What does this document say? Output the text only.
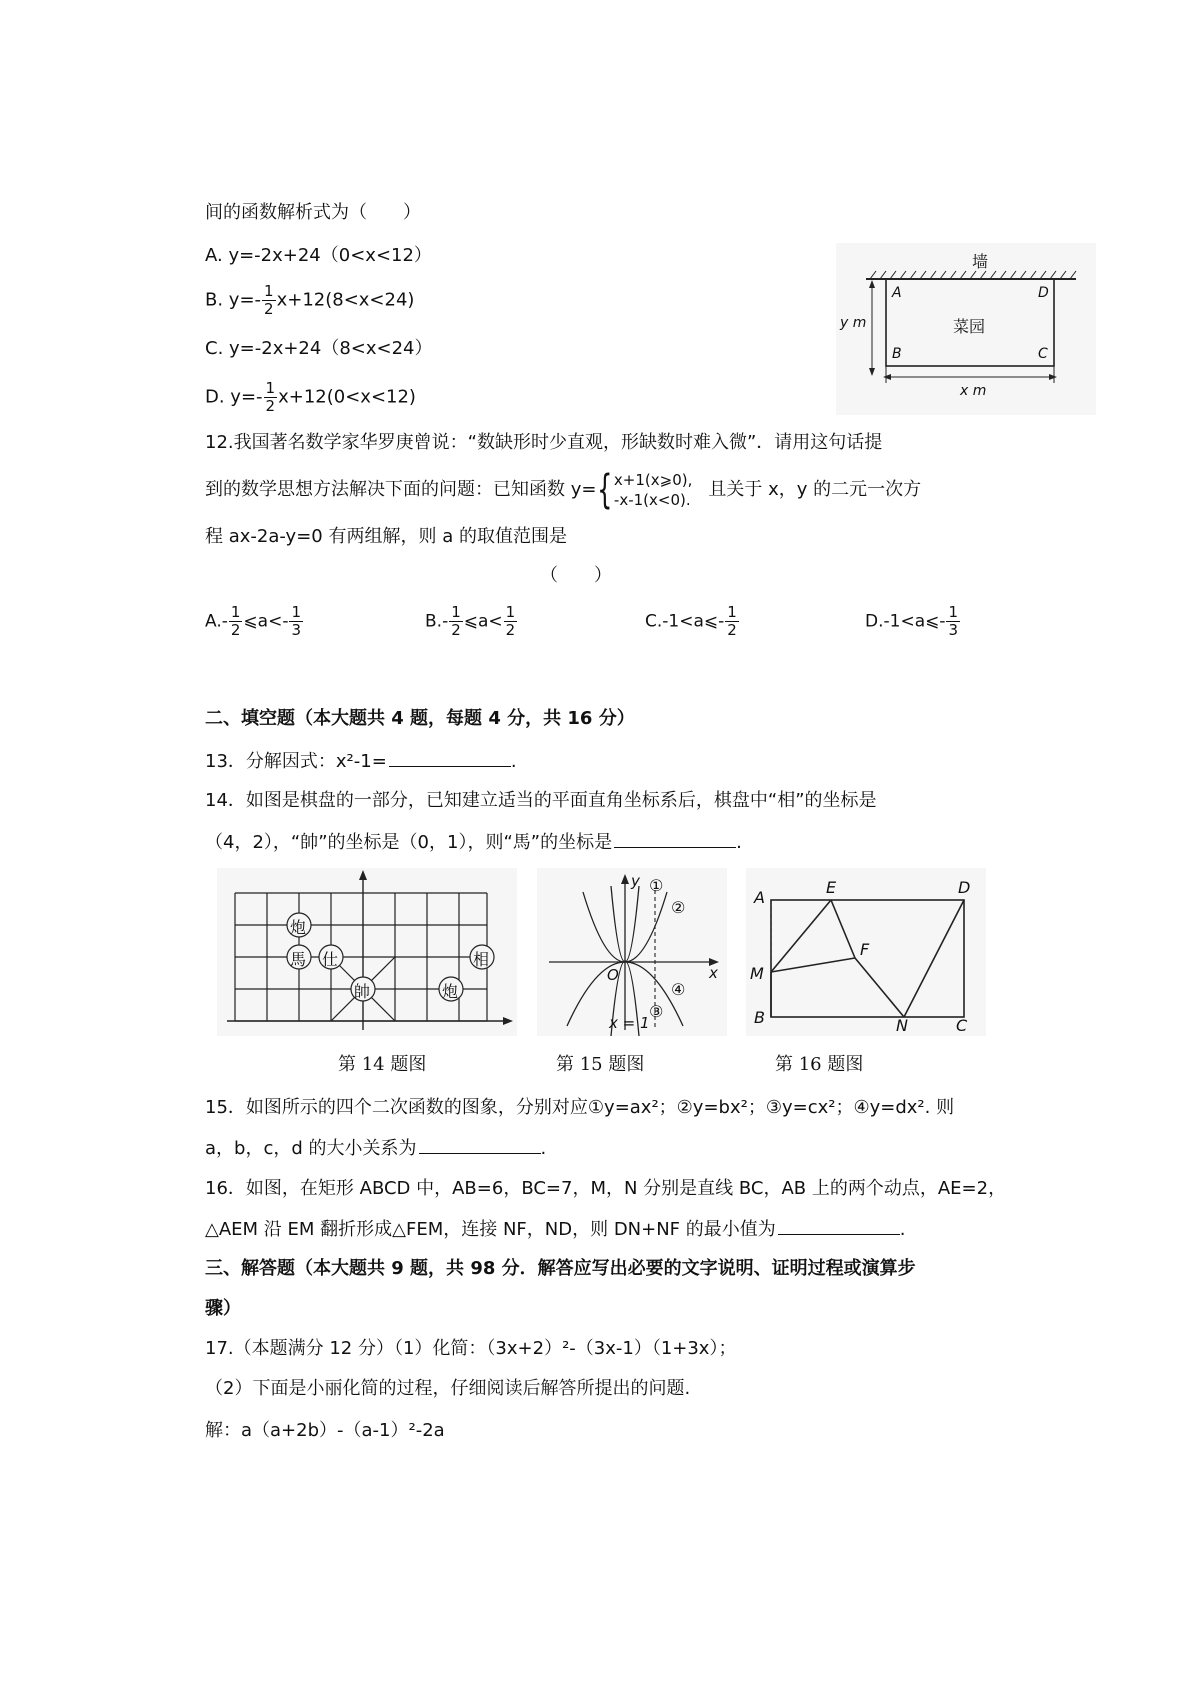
间的函数解析式为（　　）
A. y=-2x+24（0<x<12）
B. $y=- \frac{1}{2} x+12(8<x<24)$
C. y=-2x+24（8<x<24）
D. $y=- \frac{1}{2} x+12(0<x<12)$
墙
菜园
A
B	C
D
y m
x m
12.我国著名数学家华罗庚曾说：“数缺形时少直观，形缺数时难入微”．请用这句话提
到的数学思想方法解决下面的问题：已知函数 y= { x+1(x⩾0),
-x-1(x<0). 且关于 x，y 的二元一次方
程 ax-2a-y=0 有两组解，则 a 的取值范围是
（　　）
$A.- \frac{1}{2}$ ⩽a<- $\frac{1}{3}$	$B.- \frac{1}{2}$ ⩽a< $\frac{1}{2}$	C.-1<a⩽- $\frac{1}{2}$	D.-1<a⩽- $\frac{1}{3}$
二、填空题（本大题共 4 题，每题 4 分，共 16 分）
13．分解因式：x²-1=	.
14．如图是棋盘的一部分，已知建立适当的平面直角坐标系后，棋盘中“相”的坐标是
（4，2），“帥”的坐标是（0，1），则“馬”的坐标是	.
炮
馬 仕
帥	炮
相
y
x
O
①
②
③
④
x = 1
A
E	D
F
M
B	N	C
第 14 题图	第 15 题图	第 16 题图
15．如图所示的四个二次函数的图象，分别对应①y=ax²；②y=bx²；③y=cx²；④y=dx². 则
a，b，c，d 的大小关系为	.
16．如图，在矩形 ABCD 中，AB=6，BC=7，M，N 分别是直线 BC，AB 上的两个动点，AE=2，
△AEM 沿 EM 翻折形成△FEM，连接 NF，ND，则 DN+NF 的最小值为	.
三、解答题（本大题共 9 题，共 98 分．解答应写出必要的文字说明、证明过程或演算步
骤）
17.（本题满分 12 分）（1）化简：（3x+2）²-（3x-1）（1+3x）；
（2）下面是小丽化简的过程，仔细阅读后解答所提出的问题.
解：a（a+2b）-（a-1）²-2a
